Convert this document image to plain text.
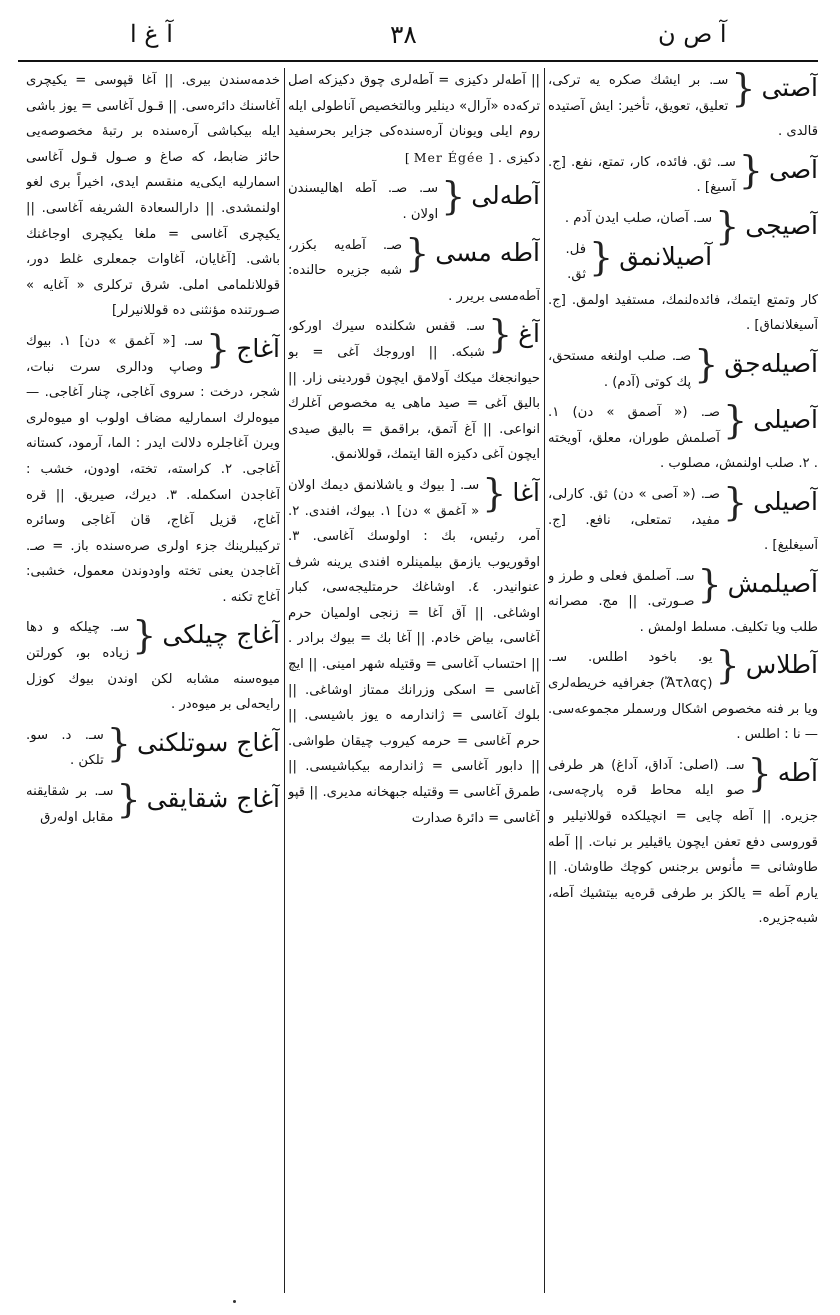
آ غ ا	۳۸	آ ص ن
آصتی
{
سـ. بر ايشك صكره يه تركى، تعليق، تعويق، تأخير: ايش آصتيده قالدى .
آصى
{
سـ. ثق. فائده، كار، تمتع، نفع. [ج. آسيغ] .
آصيجى
{
سـ. آصان، صلب ايدن آدم .
آصيلانمق
{
فل. ثق. كار وتمتع ايتمك، فائده‌لنمك، مستفيد اولمق. [ج. آسيغلانماق] .
آصيله‌جق
{
صـ. صلب اولنغه مستحق، پك كوتى (آدم) .
آصيلى
{
صـ. (« آصمق » دن) ١. آصلمش طوران، معلق، آويخته . ٢. صلب اولنمش، مصلوب .
آصيلى
{
صـ. (« آصى » دن) ثق. كارلى، مفيد، تمتعلى، نافع. [ج. آسيغليغ] .
آصيلمش
{
سـ. آصلمق فعلى و طرز و صـورتى. || مج. مصرانه طلب ويا تكليف. مسلط اولمش .
آطلاس
{
يو. باخود اطلس. سـ. (Ἄτλας) جغرافيه خريطه‌لرى ويا بر فنه مخصوص اشكال ورسملر مجموعه‌سى. — نا : اطلس .
آطه
{
سـ. (اصلى: آداق، آداغ) هر طرفى صو ايله محاط قره پارچه‌سى، جزيره. || آطه چايى = انچيلكده قوللانيلير و قوروسى دفع تعفن ايچون ياقيلير بر نبات. || آطه طاوشانى = مأنوس برجنس كوچك طاوشان. || يارم آطه = يالكز بر طرفى قره‌يه بيتشيك آطه، شبه‌جزيره.
|| آطه‌لر دكيزى = آطه‌لرى چوق دكيزكه اصل تركه‌ده «آرال» دينلير وبالتخصيص آناطولى ايله روم ايلى ويونان آره‌سنده‌كى جزاير بحرسفيد دكيزى . [ Mer Égée ]
آطه‌لى
{
سـ. صـ. آطه اهاليسندن اولان .
آطه مسى
{
صـ. آطه‌يه بكزر، شبه جزيره حالنده: آطه‌مسى بريرر .
آغ
{
سـ. قفس شكلنده سيرك اوركو، شبكه. || اوروجك آغى = بو حيوانجغك ميكك آولامق ايچون قوردينى زار. || باليق آغى = صيد ماهى يه مخصوص آغلرك انواعى. || آغ آتمق، براقمق = باليق صيدى ايچون آغى دكيزه القا ايتمك، قوللانمق.
آغا
{
سـ. [ بيوك و ياشلانمق ديمك اولان « آغمق » دن] ١. بيوك، افندى. ٢. آمر، رئيس، بك : اولوسك آغاسى. ٣. اوقوريوب يازمق بيلمينلره افندى يرينه شرف عنوانيدر. ٤. اوشاغك حرمتليجه‌سى، كبار اوشاغى. || آق آغا = زنجى اولميان حرم آغاسى، بياض خادم. || آغا بك = بيوك برادر . || احتساب آغاسى = وقتيله شهر امينى. || ايچ آغاسى = اسكى وزرانك ممتاز اوشاغى. || بلوك آغاسى = ژاندارمه ه يوز باشيسى. || حرم آغاسى = حرمه كيروب چيقان طواشى. || دابور آغاسى = ژاندارمه بيكباشيسى. || طمرق آغاسى = وقتيله جبهخانه مديرى. || قپو آغاسى = دائرهٔ صدارت
خدمه‌سندن بيرى. || آغا قپوسى = يكيچرى آغاسنك دائره‌سى. || قـول آغاسى = يوز باشى ايله بيكباشى آره‌سنده بر رتبهٔ مخصوصه‌يى حائز ضابط، كه صاغ و صـول قـول آغاسى اسمارليه ايكى‌يه منقسم ايدى، اخيراً برى لغو اولنمشدى. || دارالسعادة الشريفه آغاسى. || يكيچرى آغاسى = ملغا يكيچرى اوجاغنك باشى. [آغايان، آغاوات جمعلرى غلط دور، قوللانلمامى املى. شرق تركلرى « آغايه » صـورتنده مؤنثنى ده قوللانيرلر]
آغاج
{
سـ. [« آغمق » دن] ١. بيوك وصاپ ودالرى سرت نبات، شجر، درخت : سروى آغاجى، چنار آغاجى. — ميوه‌لرك اسمارليه مضاف اولوب او ميوه‌لرى ويرن آغاجلره دلالت ايدر : الما، آرمود، كستانه آغاجى. ٢. كراسته، تخته، اودون، خشب : آغاجدن اسكمله. ٣. ديرك، صيريق. || قره آغاج، قزيل آغاج، قان آغاجى وسائره تركيبلرينك جزء اولرى صره‌سنده باز. = صـ. آغاجدن يعنى تخته واودوندن معمول، خشبى: آغاج تكنه .
آغاج چيلكى
{
سـ. چيلكه و دها زياده بو، كورلتن ميوه‌سنه مشابه لكن اوندن بيوك كوزل رايحه‌لى بر ميوه‌در .
آغاج سوتلكنى
{
سـ. د. سو. تلكن .
آغاج شقايقى
{
سـ. بر شقايقنه مقابل اوله‌رق
